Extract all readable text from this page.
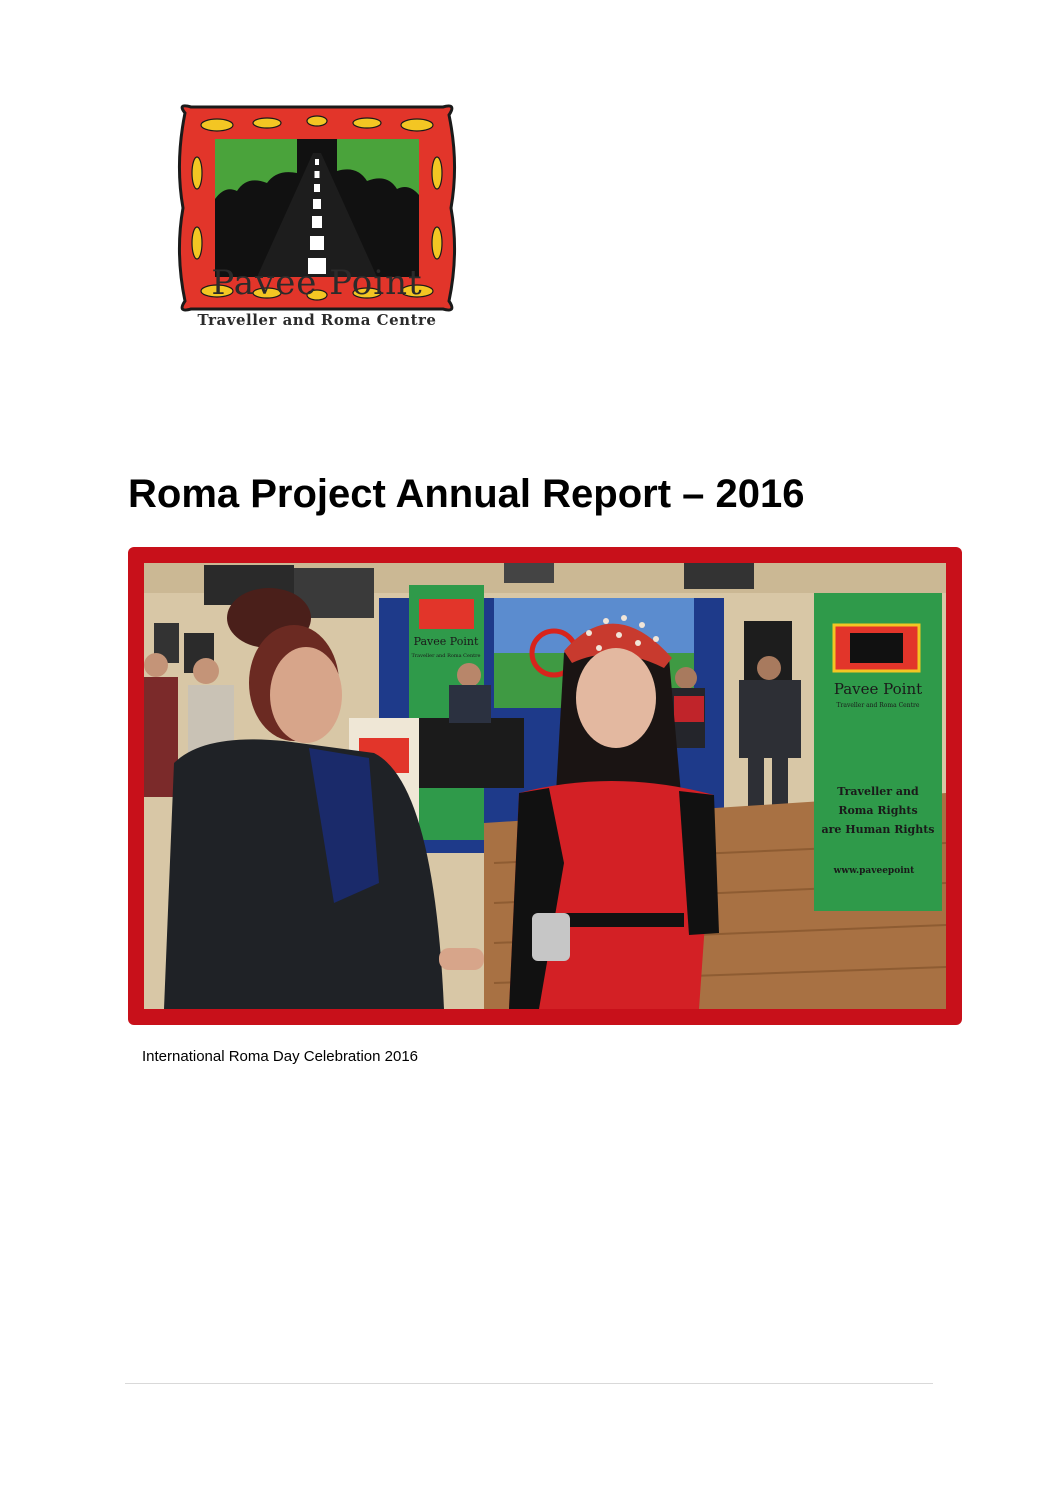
Pavee Point
Traveller and Roma Centre
Roma Project Annual Report – 2016
Pavee Point
Traveller and Roma Centre
Pavee Point
Traveller and Roma Centre
Traveller and
Roma Rights
are Human Rights
www.paveepoint
International Roma Day Celebration 2016
